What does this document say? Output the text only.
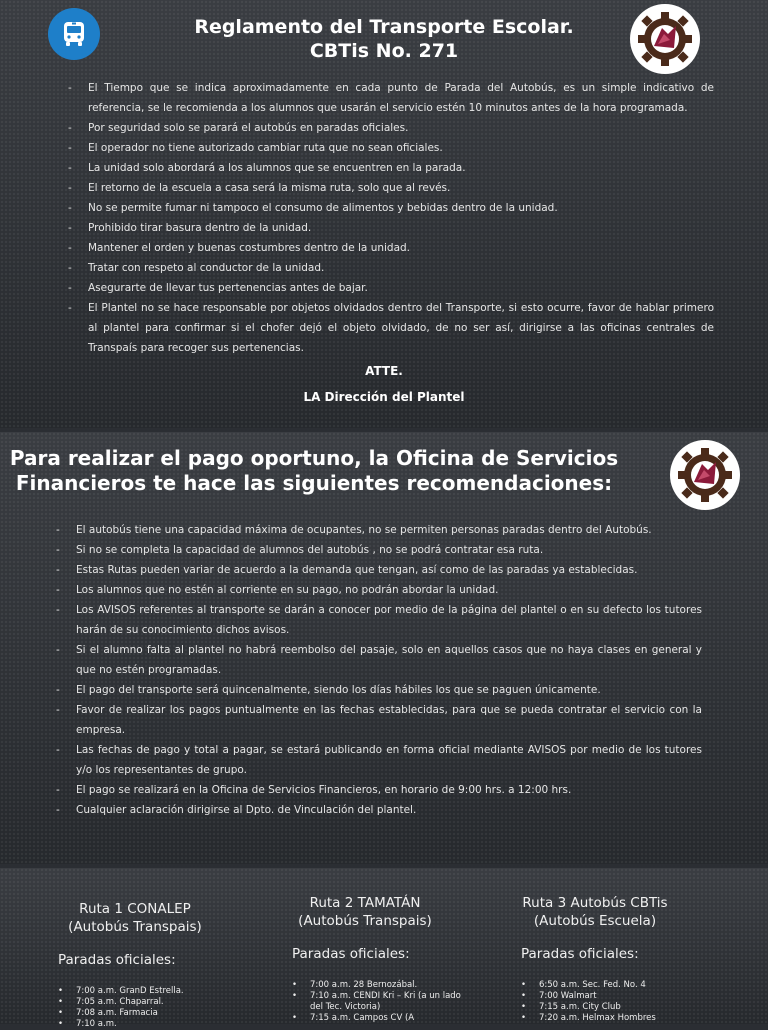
Reglamento del Transporte Escolar.
CBTis No. 271
- El Tiempo que se indica aproximadamente en cada punto de Parada del Autobús, es un simple indicativo de referencia, se le recomienda a los alumnos que usarán el servicio estén 10 minutos antes de la hora programada.
- Por seguridad solo se parará el autobús en paradas oficiales.
- El operador no tiene autorizado cambiar ruta que no sean oficiales.
- La unidad solo abordará a los alumnos que se encuentren en la parada.
- El retorno de la escuela a casa será la misma ruta, solo que al revés.
- No se permite fumar ni tampoco el consumo de alimentos y bebidas dentro de la unidad.
- Prohibido tirar basura dentro de la unidad.
- Mantener el orden y buenas costumbres dentro de la unidad.
- Tratar con respeto al conductor de la unidad.
- Asegurarte de llevar tus pertenencias antes de bajar.
- El Plantel no se hace responsable por objetos olvidados dentro del Transporte, si esto ocurre, favor de hablar primero al plantel para confirmar si el chofer dejó el objeto olvidado, de no ser así, dirigirse a las oficinas centrales de Transpaís para recoger sus pertenencias.
ATTE.
LA Dirección del Plantel
Para realizar el pago oportuno, la Oficina de Servicios
Financieros te hace las siguientes recomendaciones:
- El autobús tiene una capacidad máxima de ocupantes, no se permiten personas paradas dentro del Autobús.
- Si no se completa la capacidad de alumnos del autobús , no se podrá contratar esa ruta.
- Estas Rutas pueden variar de acuerdo a la demanda que tengan, así como de las paradas ya establecidas.
- Los alumnos que no estén al corriente en su pago, no podrán abordar la unidad.
- Los AVISOS referentes al transporte se darán a conocer por medio de la página del plantel o en su defecto los tutores harán de su conocimiento dichos avisos.
- Si el alumno falta al plantel no habrá reembolso del pasaje, solo en aquellos casos que no haya clases en general y que no estén programadas.
- El pago del transporte será quincenalmente, siendo los días hábiles los que se paguen únicamente.
- Favor de realizar los pagos puntualmente en las fechas establecidas, para que se pueda contratar el servicio con la empresa.
- Las fechas de pago y total a pagar, se estará publicando en forma oficial mediante AVISOS por medio de los tutores y/o los representantes de grupo.
- El pago se realizará en la Oficina de Servicios Financieros, en horario de 9:00 hrs. a 12:00 hrs.
- Cualquier aclaración dirigirse al Dpto. de Vinculación del plantel.
Ruta 1 CONALEP
(Autobús Transpais)
Paradas oficiales:
• 7:00 a.m. GranD Estrella.
• 7:05 a.m. Chaparral.
• 7:08 a.m. Farmacia
• 7:10 a.m.
Ruta 2 TAMATÁN
(Autobús Transpais)
Paradas oficiales:
• 7:00 a.m. 28 Bernozábal.
• 7:10 a.m. CENDI Kri – Kri (a un lado del Tec. Victoria)
• 7:15 a.m. Campos CV (A
Ruta 3 Autobús CBTis
(Autobús Escuela)
Paradas oficiales:
• 6:50 a.m. Sec. Fed. No. 4
• 7:00 Walmart
• 7:15 a.m. City Club
• 7:20 a.m. Helmax Hombres
